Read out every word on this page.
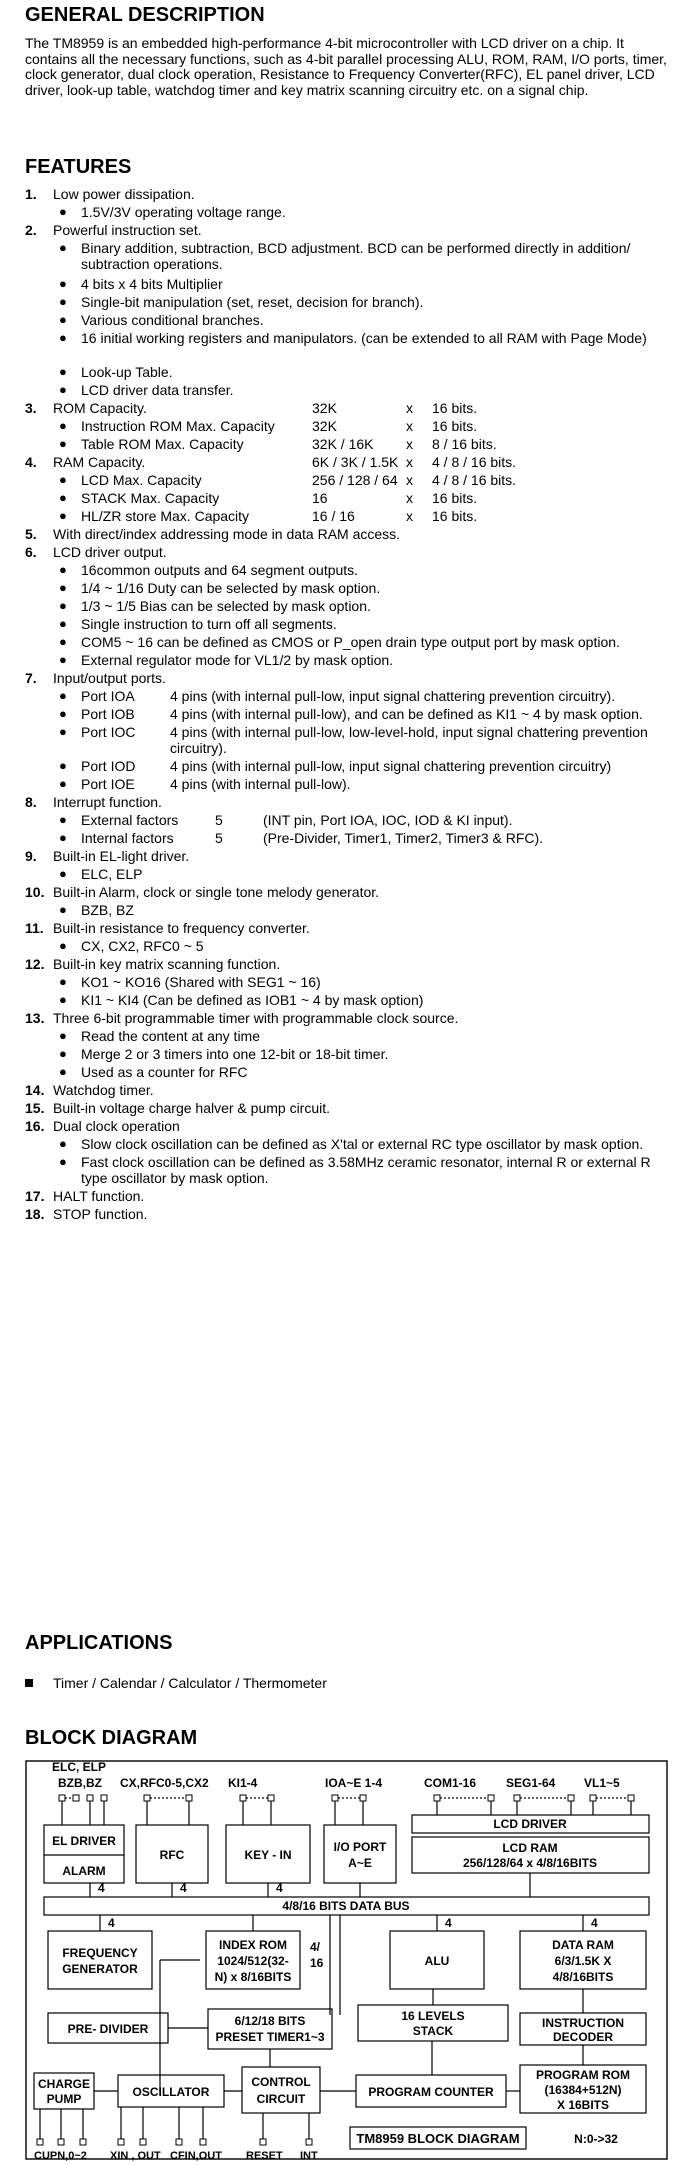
GENERAL DESCRIPTION

The TM8959 is an embedded high-performance 4-bit microcontroller with LCD driver on a chip. It contains all the necessary functions, such as 4-bit parallel processing ALU, ROM, RAM, I/O ports, timer, clock generator, dual clock operation, Resistance to Frequency Converter(RFC), EL panel driver, LCD driver, look-up table, watchdog timer and key matrix scanning circuitry etc. on a signal chip.

FEATURES
1. Low power dissipation.
● 1.5V/3V operating voltage range.
2. Powerful instruction set.
● Binary addition, subtraction, BCD adjustment. BCD can be performed directly in addition/ subtraction operations.
● 4 bits x 4 bits Multiplier
● Single-bit manipulation (set, reset, decision for branch).
● Various conditional branches.
● 16 initial working registers and manipulators. (can be extended to all RAM with Page Mode)
● Look-up Table.
● LCD driver data transfer.
3. ROM Capacity.	32K	x 16 bits.
● Instruction ROM Max. Capacity	32K	x 16 bits.
● Table ROM Max. Capacity	32K / 16K x 8 / 16 bits.
4. RAM Capacity.	6K / 3K / 1.5K x 4 / 8 / 16 bits.
● LCD Max. Capacity	256 / 128 / 64 x 4 / 8 / 16 bits.
● STACK Max. Capacity	16	x 16 bits.
● HL/ZR store Max. Capacity	16 / 16	x 16 bits.
5. With direct/index addressing mode in data RAM access.
6. LCD driver output.
● 16common outputs and 64 segment outputs.
● 1/4 ~ 1/16 Duty can be selected by mask option.
● 1/3 ~ 1/5 Bias can be selected by mask option.
● Single instruction to turn off all segments.
● COM5 ~ 16 can be defined as CMOS or P_open drain type output port by mask option.
● External regulator mode for VL1/2 by mask option.
7. Input/output ports.
● Port IOA	4 pins (with internal pull-low, input signal chattering prevention circuitry).
● Port IOB	4 pins (with internal pull-low), and can be defined as KI1 ~ 4 by mask option.
● Port IOC 4 pins (with internal pull-low, low-level-hold, input signal chattering prevention circuitry).
● Port IOD 4 pins (with internal pull-low, input signal chattering prevention circuitry)
● Port IOE	4 pins (with internal pull-low).
8. Interrupt function.
● External factors	5	(INT pin, Port IOA, IOC, IOD & KI input).
● Internal factors	5	(Pre-Divider, Timer1, Timer2, Timer3 & RFC).
9. Built-in EL-light driver.
● ELC, ELP
10. Built-in Alarm, clock or single tone melody generator.
● BZB, BZ
11. Built-in resistance to frequency converter.
● CX, CX2, RFC0 ~ 5
12. Built-in key matrix scanning function.
● KO1 ~ KO16 (Shared with SEG1 ~ 16)
● KI1 ~ KI4 (Can be defined as IOB1 ~ 4 by mask option)
13. Three 6-bit programmable timer with programmable clock source.
● Read the content at any time
● Merge 2 or 3 timers into one 12-bit or 18-bit timer.
● Used as a counter for RFC
14. Watchdog timer.
15. Built-in voltage charge halver & pump circuit.
16. Dual clock operation
● Slow clock oscillation can be defined as X'tal or external RC type oscillator by mask option.
● Fast clock oscillation can be defined as 3.58MHz ceramic resonator, internal R or external R type oscillator by mask option.
17. HALT function.
18. STOP function.
APPLICATIONS
Timer / Calendar / Calculator / Thermometer
BLOCK DIAGRAM
ELC, ELP
BZB,BZ CX,RFC0-5,CX2 KI1-4	IOA~E 1-4	COM1-16 SEG1-64 VL1~5
EL DRIVER
ALARM
RFC	KEY - IN
I/O PORT
A~E
LCD DRIVER
LCD RAM
256/128/64 x 4/8/16BITS
4/8/16 BITS DATA BUS
FREQUENCY
GENERATOR
INDEX ROM
1024/512(32-
N) x 8/16BITS
4/
16	ALU
DATA RAM
6/3/1.5K X
4/8/16BITS
PRE- DIVIDER
6/12/18 BITS
PRESET TIMER1~3
16 LEVELS
STACK
INSTRUCTION
DECODER
CHARGE
PUMP	OSCILLATOR
CONTROL
CIRCUIT	PROGRAM COUNTER
PROGRAM ROM
(16384+512N)
X 16BITS
4	4	4
4	4	4
TM8959 BLOCK DIAGRAM	N:0->32
CUPN,0~2 XIN , OUT CFIN,OUT RESET INT
